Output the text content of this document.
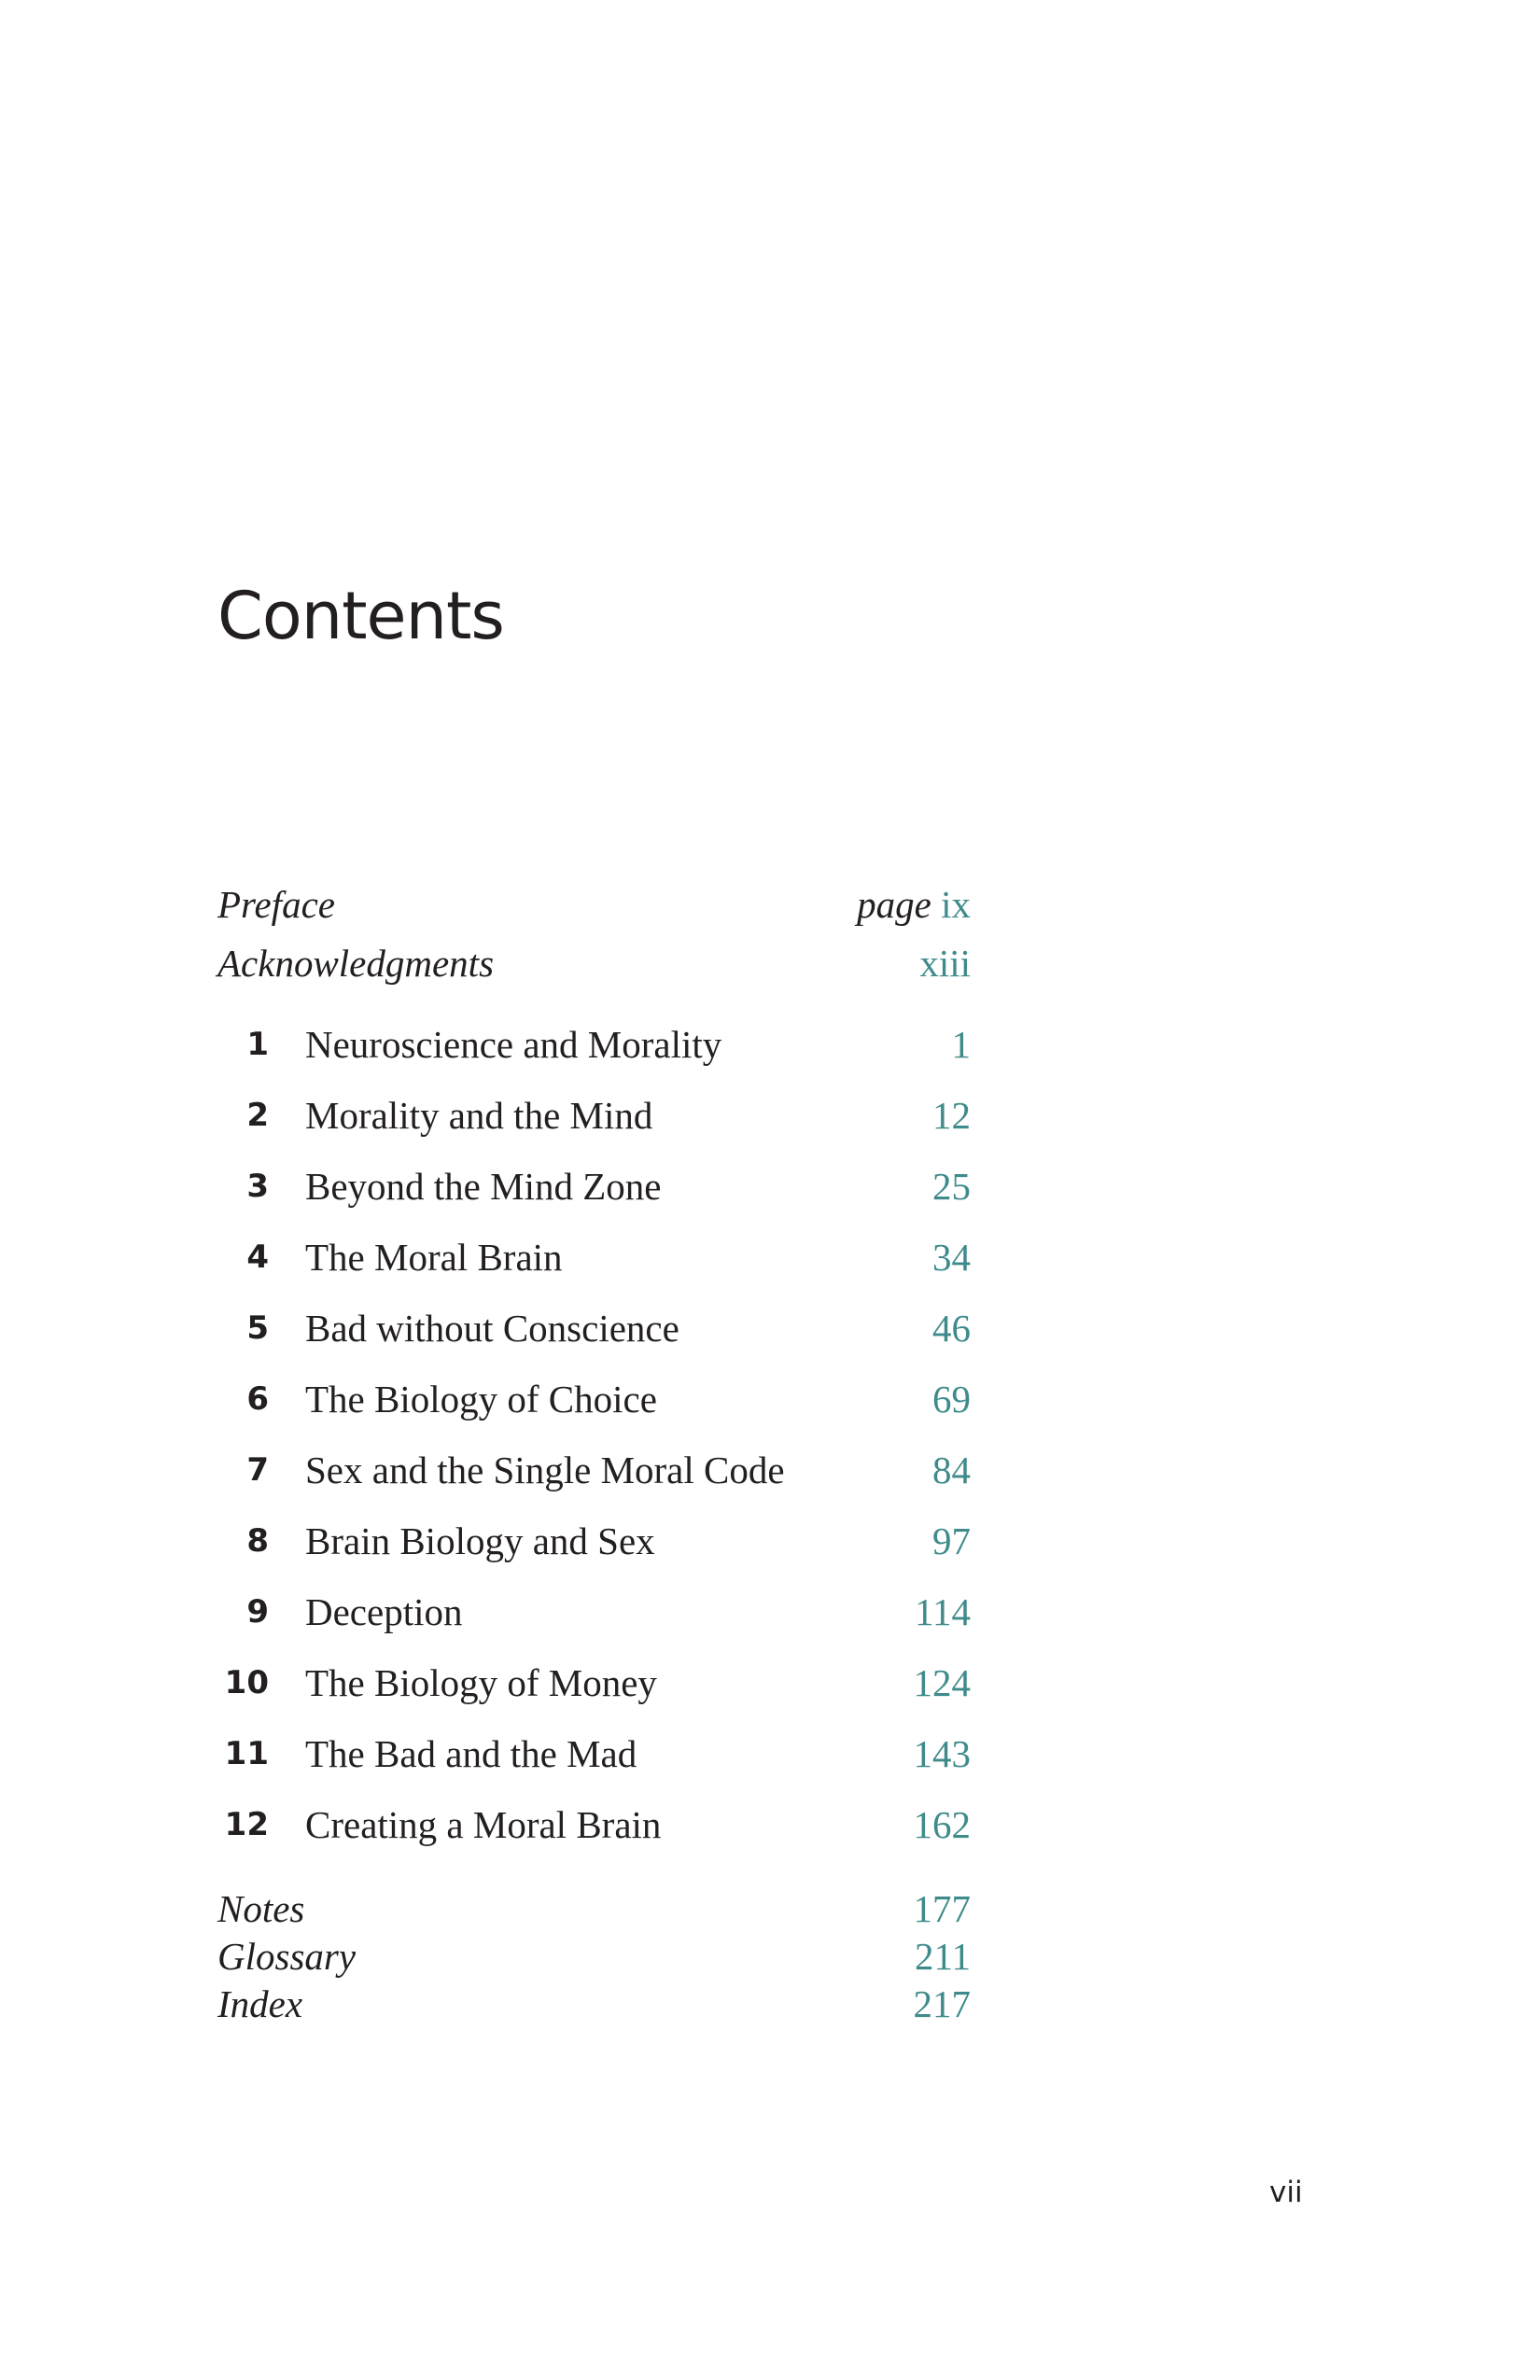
Contents
Preface	page ix
Acknowledgments	xiii
1 Neuroscience and Morality	1
2 Morality and the Mind	12
3 Beyond the Mind Zone	25
4 The Moral Brain	34
5 Bad without Conscience	46
6 The Biology of Choice	69
7 Sex and the Single Moral Code	84
8 Brain Biology and Sex	97
9 Deception	114
10 The Biology of Money	124
11 The Bad and the Mad	143
12 Creating a Moral Brain	162
Notes	177
Glossary	211
Index	217
vii
